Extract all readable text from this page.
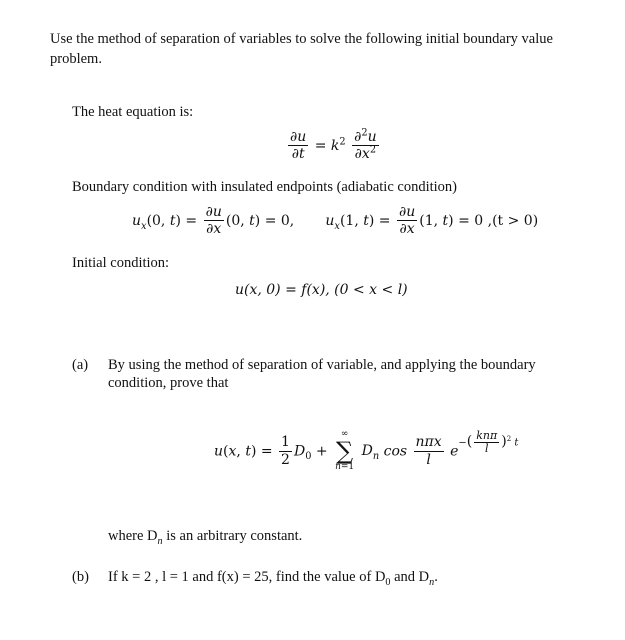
Use the method of separation of variables to solve the following initial boundary value
problem.
The heat equation is:
$\frac{\partial u}{\partial t} = k^2 \frac{\partial^2u}{\partial x^2}$
Boundary condition with insulated endpoints (adiabatic condition)
$u_x(0$, $t) = \frac{\partial u}{\partial x} (0$, t) = 0,       $u_x(1$, $t) = \frac{\partial u}{\partial x} (1$, t) = 0 ,(t > 0)
Initial condition:
u(x, 0) = f(x), (0 < x < l)
(a) By using the method of separation of variable, and applying the boundary
condition, prove that
u(x, $t) = \frac{1}{2} D_0$ +
∞
∑
n=1
$D_n$ $\cos \frac{\text{nπx}}{l} e-( \frac{\text{knπ}}{l} )^2$ t
where $D_n$ is an arbitrary constant.
(b) If k = 2 , l = 1 and f(x) = 25, find the value of $D_0$ and $D_n$.
